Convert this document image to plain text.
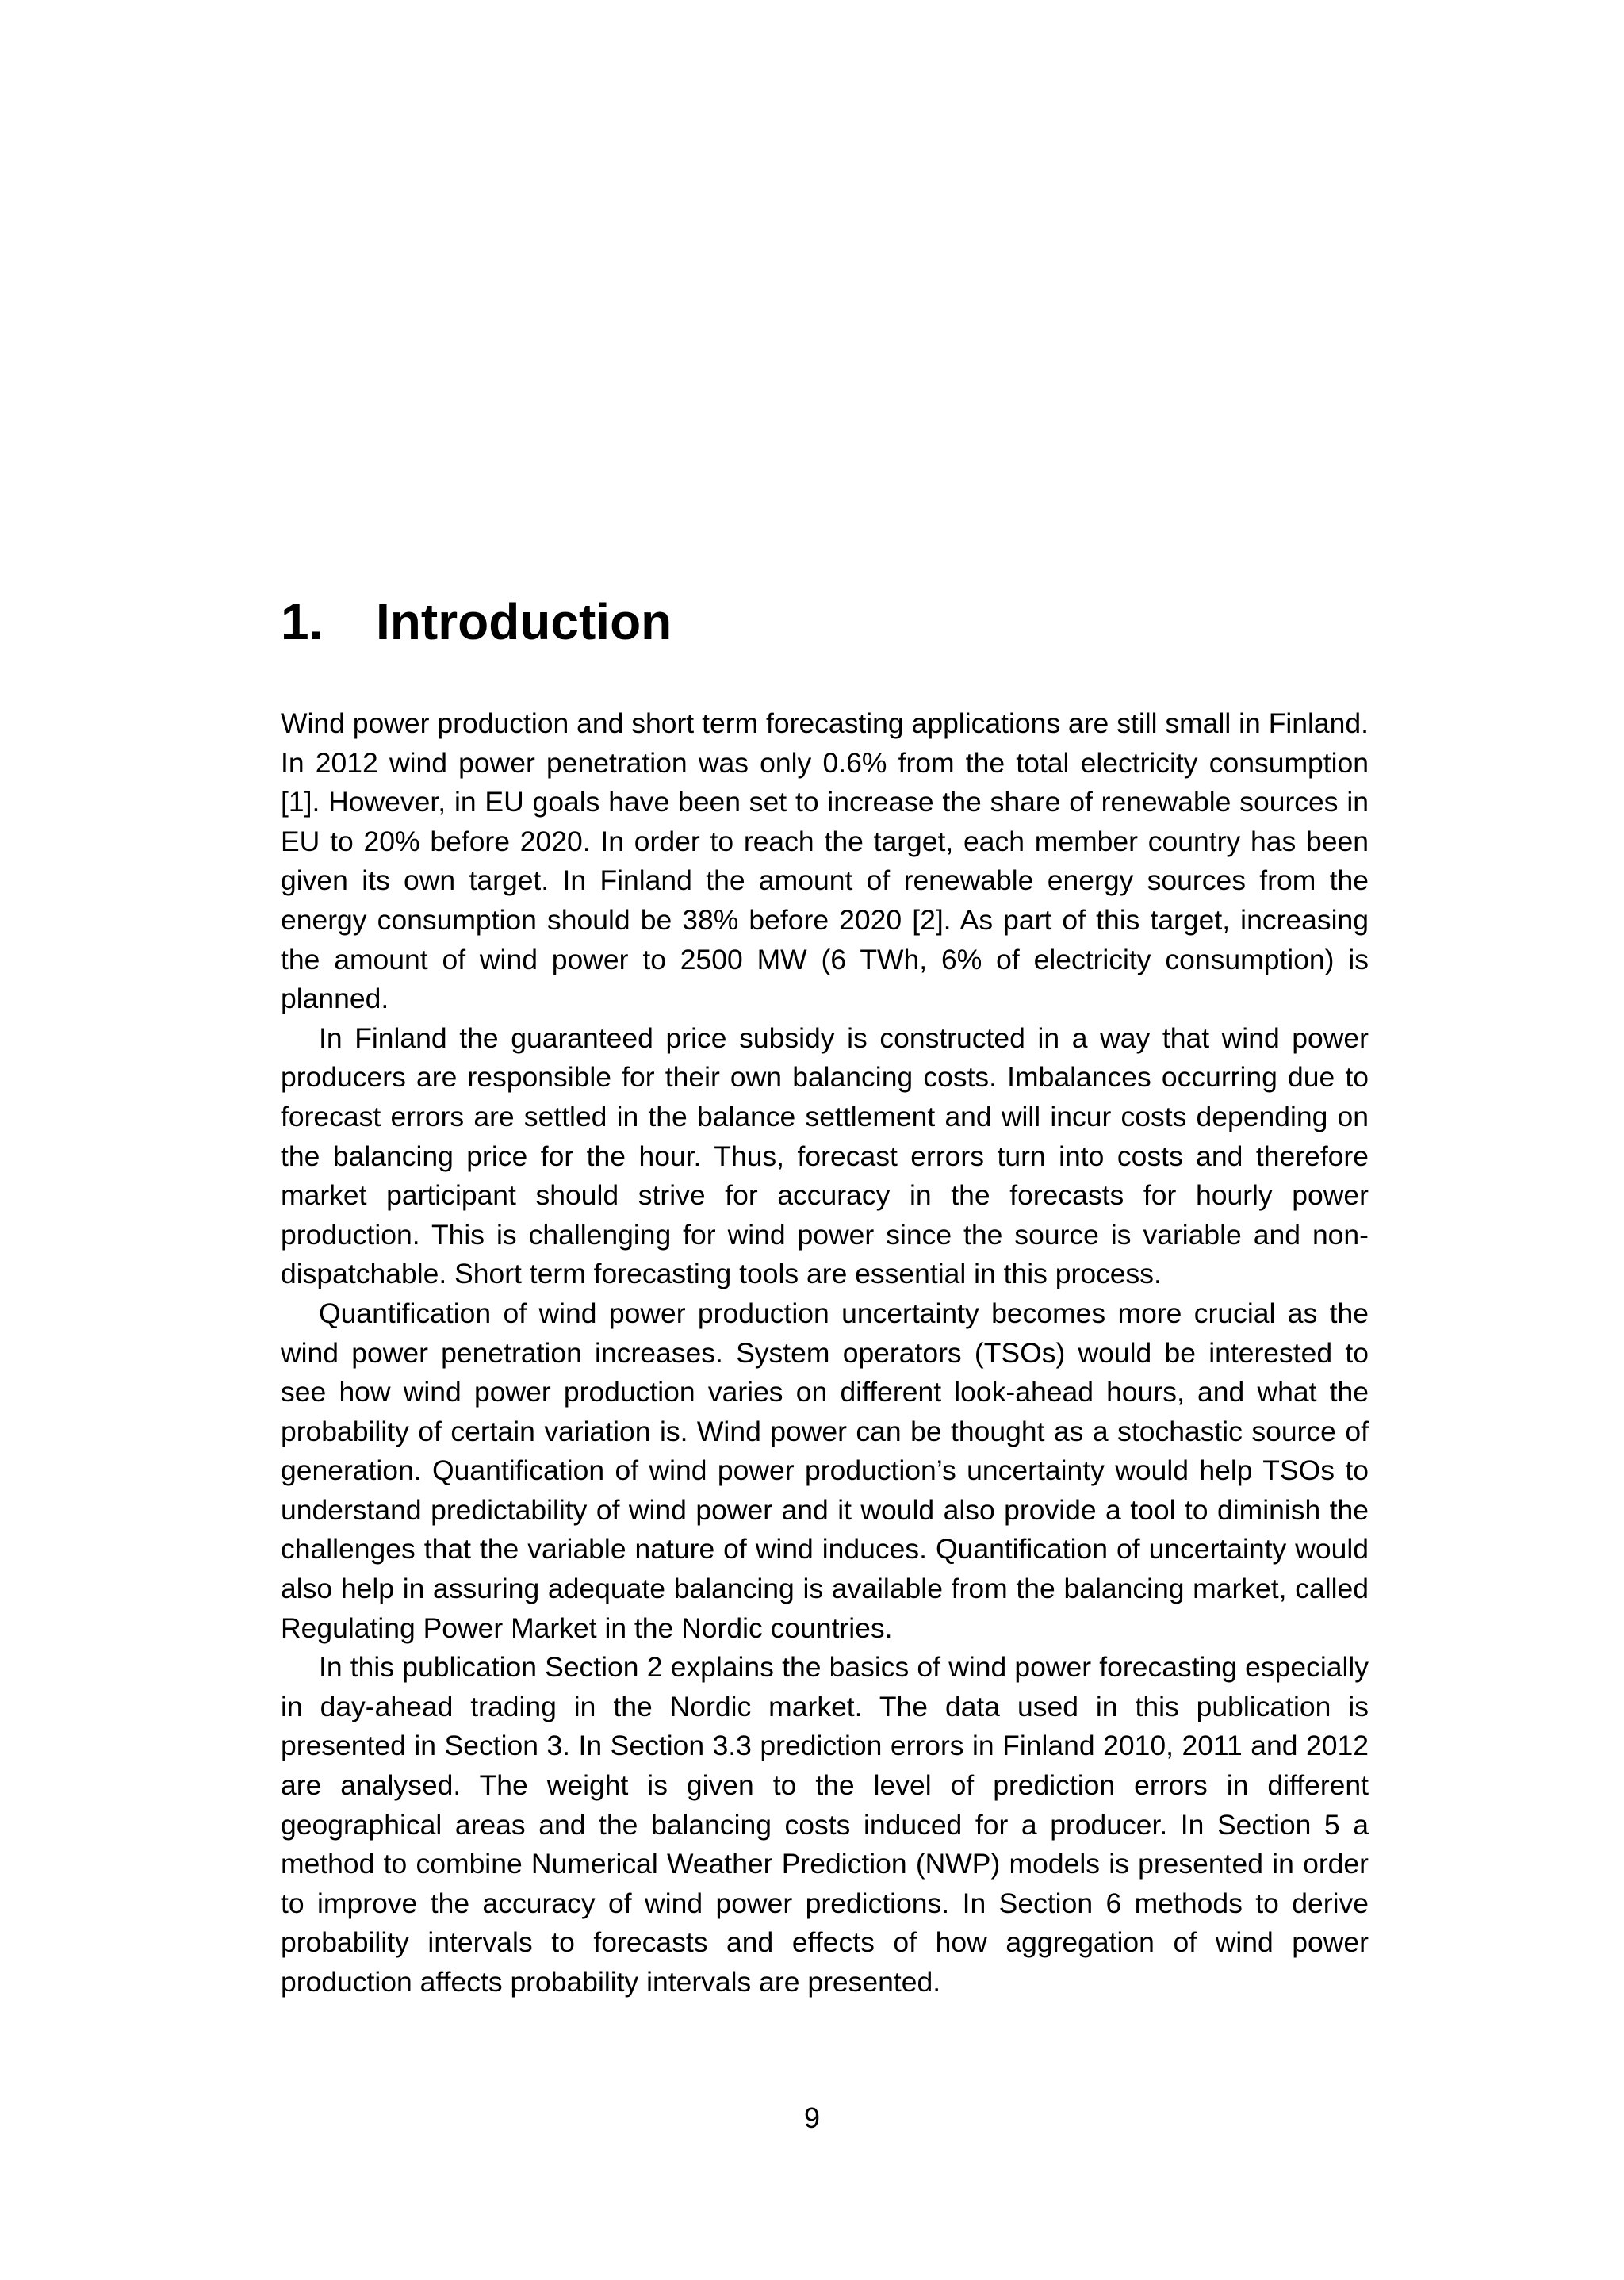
1. Introduction

Wind power production and short term forecasting applications are still small in Finland. In 2012 wind power penetration was only 0.6% from the total electricity consumption [1]. However, in EU goals have been set to increase the share of renewable sources in EU to 20% before 2020. In order to reach the target, each member country has been given its own target. In Finland the amount of renewable energy sources from the energy consumption should be 38% before 2020 [2]. As part of this target, increasing the amount of wind power to 2500 MW (6 TWh, 6% of electricity consumption) is planned.

In Finland the guaranteed price subsidy is constructed in a way that wind power producers are responsible for their own balancing costs. Imbalances occurring due to forecast errors are settled in the balance settlement and will incur costs depending on the balancing price for the hour. Thus, forecast errors turn into costs and therefore market participant should strive for accuracy in the forecasts for hourly power production. This is challenging for wind power since the source is variable and non-dispatchable. Short term forecasting tools are essential in this process.

Quantification of wind power production uncertainty becomes more crucial as the wind power penetration increases. System operators (TSOs) would be interested to see how wind power production varies on different look-ahead hours, and what the probability of certain variation is. Wind power can be thought as a stochastic source of generation. Quantification of wind power production’s uncertainty would help TSOs to understand predictability of wind power and it would also provide a tool to diminish the challenges that the variable nature of wind induces. Quantification of uncertainty would also help in assuring adequate balancing is available from the balancing market, called Regulating Power Market in the Nordic countries.

In this publication Section 2 explains the basics of wind power forecasting especially in day-ahead trading in the Nordic market. The data used in this publication is presented in Section 3. In Section 3.3 prediction errors in Finland 2010, 2011 and 2012 are analysed. The weight is given to the level of prediction errors in different geographical areas and the balancing costs induced for a producer. In Section 5 a method to combine Numerical Weather Prediction (NWP) models is presented in order to improve the accuracy of wind power predictions. In Section 6 methods to derive probability intervals to forecasts and effects of how aggregation of wind power production affects probability intervals are presented.

9
